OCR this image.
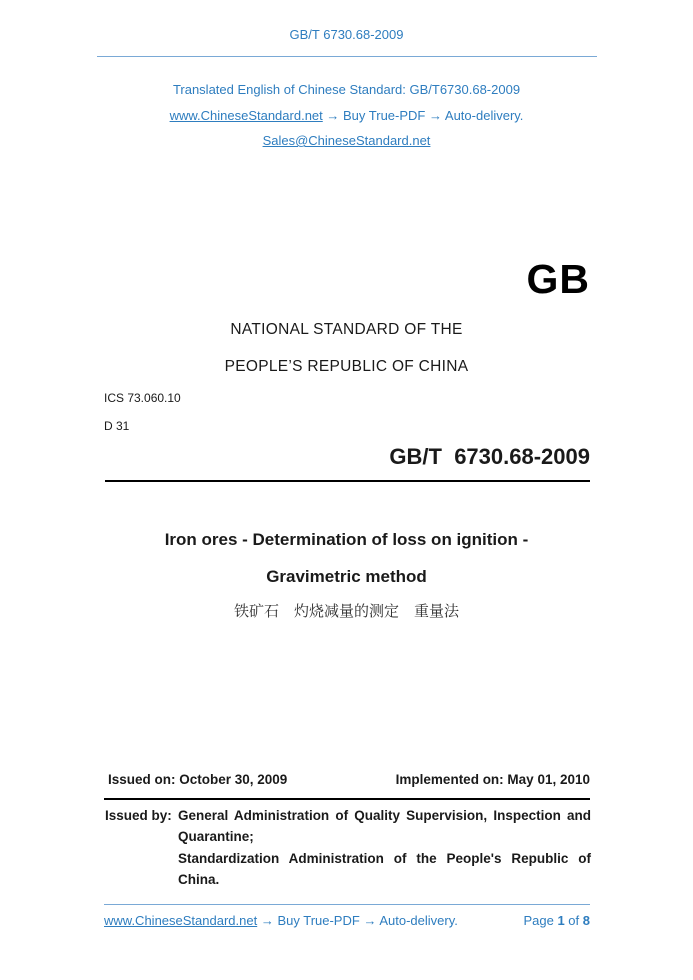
GB/T 6730.68-2009
Translated English of Chinese Standard: GB/T6730.68-2009
www.ChineseStandard.net → Buy True-PDF → Auto-delivery.
Sales@ChineseStandard.net
GB
NATIONAL STANDARD OF THE
PEOPLE’S REPUBLIC OF CHINA
ICS 73.060.10
D 31
GB/T  6730.68-2009
Iron ores - Determination of loss on ignition -
Gravimetric method
铁矿石　灼烧减量的测定　重量法
Issued on: October 30, 2009	Implemented on: May 01, 2010
Issued by: General Administration of Quality Supervision, Inspection and Quarantine;

Standardization Administration of the People's Republic of China.

www.ChineseStandard.net → Buy True-PDF → Auto-delivery.	Page 1 of 8
